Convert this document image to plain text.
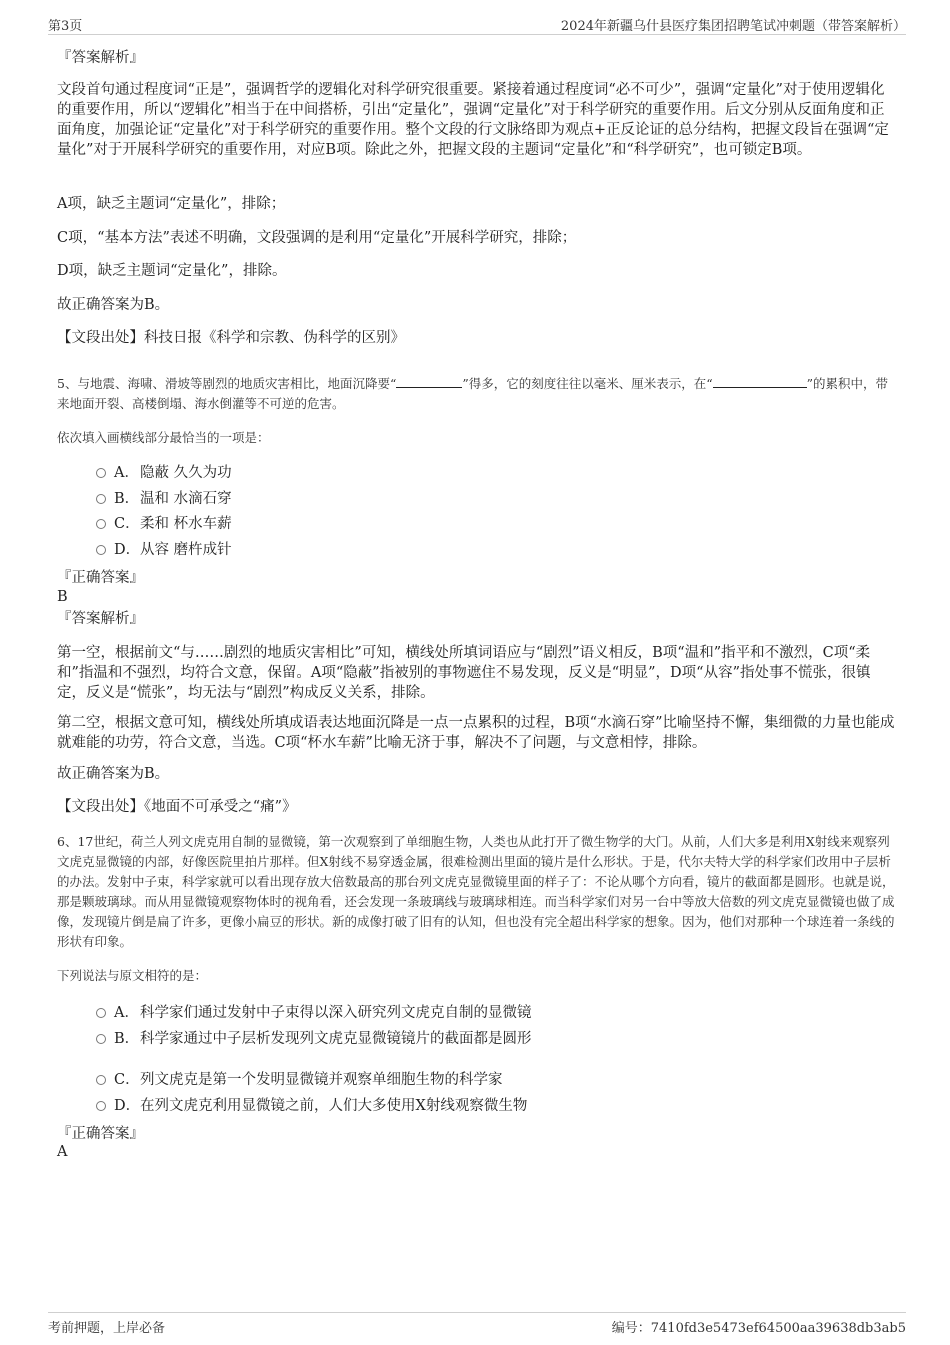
第3页	2024年新疆乌什县医疗集团招聘笔试冲刺题（带答案解析）
『答案解析』
文段首句通过程度词“正是”，强调哲学的逻辑化对科学研究很重要。紧接着通过程度词“必不可少”，强调“定量化”对于使用逻辑化的重要作用，所以“逻辑化”相当于在中间搭桥，引出“定量化”，强调“定量化”对于科学研究的重要作用。后文分别从反面角度和正面角度，加强论证“定量化”对于科学研究的重要作用。整个文段的行文脉络即为观点+正反论证的总分结构，把握文段旨在强调“定量化”对于开展科学研究的重要作用，对应B项。除此之外，把握文段的主题词“定量化”和“科学研究”，也可锁定B项。
A项，缺乏主题词“定量化”，排除；
C项，“基本方法”表述不明确，文段强调的是利用“定量化”开展科学研究，排除；
D项，缺乏主题词“定量化”，排除。
故正确答案为B。
【文段出处】科技日报《科学和宗教、伪科学的区别》
5、与地震、海啸、滑坡等剧烈的地质灾害相比，地面沉降要“	”得多，它的刻度往往以毫米、厘米表示，在“	”的累积中，带来地面开裂、高楼倒塌、海水倒灌等不可逆的危害。
依次填入画横线部分最恰当的一项是：
A．隐蔽 久久为功
B．温和 水滴石穿
C．柔和 杯水车薪
D．从容 磨杵成针
『正确答案』
B
『答案解析』
第一空，根据前文“与……剧烈的地质灾害相比”可知，横线处所填词语应与“剧烈”语义相反，B项“温和”指平和不激烈，C项“柔和”指温和不强烈，均符合文意，保留。A项“隐蔽”指被别的事物遮住不易发现，反义是“明显”，D项“从容”指处事不慌张，很镇定，反义是“慌张”，均无法与“剧烈”构成反义关系，排除。
第二空，根据文意可知，横线处所填成语表达地面沉降是一点一点累积的过程，B项“水滴石穿”比喻坚持不懈，集细微的力量也能成就难能的功劳，符合文意，当选。C项“杯水车薪”比喻无济于事，解决不了问题，与文意相悖，排除。
故正确答案为B。
【文段出处】《地面不可承受之“痛”》
6、17世纪，荷兰人列文虎克用自制的显微镜，第一次观察到了单细胞生物，人类也从此打开了微生物学的大门。从前，人们大多是利用X射线来观察列文虎克显微镜的内部，好像医院里拍片那样。但X射线不易穿透金属，很难检测出里面的镜片是什么形状。于是，代尔夫特大学的科学家们改用中子层析的办法。发射中子束，科学家就可以看出现存放大倍数最高的那台列文虎克显微镜里面的样子了：不论从哪个方向看，镜片的截面都是圆形。也就是说，那是颗玻璃球。而从用显微镜观察物体时的视角看，还会发现一条玻璃线与玻璃球相连。而当科学家们对另一台中等放大倍数的列文虎克显微镜也做了成像，发现镜片倒是扁了许多，更像小扁豆的形状。新的成像打破了旧有的认知，但也没有完全超出科学家的想象。因为，他们对那种一个球连着一条线的形状有印象。
下列说法与原文相符的是：
A．科学家们通过发射中子束得以深入研究列文虎克自制的显微镜
B．科学家通过中子层析发现列文虎克显微镜镜片的截面都是圆形
C．列文虎克是第一个发明显微镜并观察单细胞生物的科学家
D．在列文虎克利用显微镜之前，人们大多使用X射线观察微生物
『正确答案』
A
考前押题，上岸必备	编号：7410fd3e5473ef64500aa39638db3ab5
